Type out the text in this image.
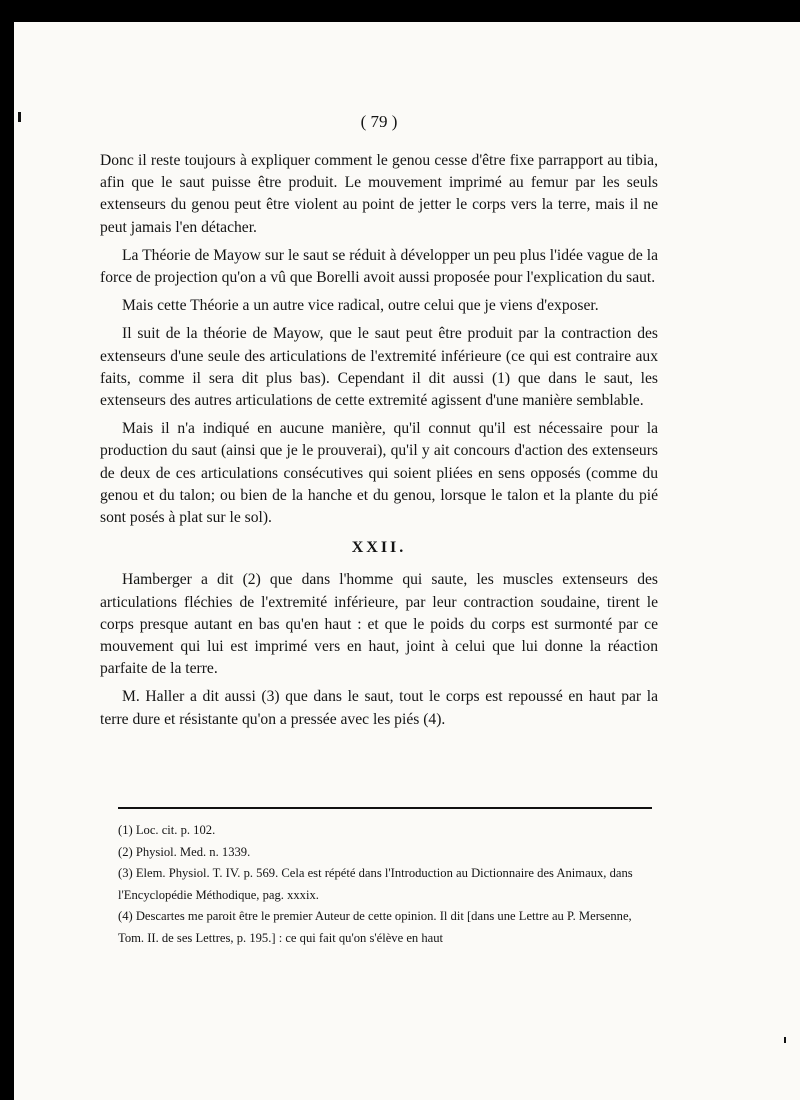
( 79 )

Donc il reste toujours à expliquer comment le genou cesse d'être fixe parrapport au tibia, afin que le saut puisse être produit. Le mouvement imprimé au femur par les seuls extenseurs du genou peut être violent au point de jetter le corps vers la terre, mais il ne peut jamais l'en détacher.

La Théorie de Mayow sur le saut se réduit à développer un peu plus l'idée vague de la force de projection qu'on a vû que Borelli avoit aussi proposée pour l'explication du saut.

Mais cette Théorie a un autre vice radical, outre celui que je viens d'exposer.

Il suit de la théorie de Mayow, que le saut peut être produit par la contraction des extenseurs d'une seule des articulations de l'extremité inférieure (ce qui est contraire aux faits, comme il sera dit plus bas). Cependant il dit aussi (1) que dans le saut, les extenseurs des autres articulations de cette extremité agissent d'une manière semblable.

Mais il n'a indiqué en aucune manière, qu'il connut qu'il est nécessaire pour la production du saut (ainsi que je le prouverai), qu'il y ait concours d'action des extenseurs de deux de ces articulations consécutives qui soient pliées en sens opposés (comme du genou et du talon; ou bien de la hanche et du genou, lorsque le talon et la plante du pié sont posés à plat sur le sol).

XXII.

Hamberger a dit (2) que dans l'homme qui saute, les muscles extenseurs des articulations fléchies de l'extremité inférieure, par leur contraction soudaine, tirent le corps presque autant en bas qu'en haut : et que le poids du corps est surmonté par ce mouvement qui lui est imprimé vers en haut, joint à celui que lui donne la réaction parfaite de la terre.

M. Haller a dit aussi (3) que dans le saut, tout le corps est repoussé en haut par la terre dure et résistante qu'on a pressée avec les piés (4).

(1) Loc. cit. p. 102.
(2) Physiol. Med. n. 1339.
(3) Elem. Physiol. T. IV. p. 569. Cela est répété dans l'Introduction au Dictionnaire des Animaux, dans l'Encyclopédie Méthodique, pag. xxxix.
(4) Descartes me paroit être le premier Auteur de cette opinion. Il dit [dans une Lettre au P. Mersenne, Tom. II. de ses Lettres, p. 195.] : ce qui fait qu'on s'élève en haut
